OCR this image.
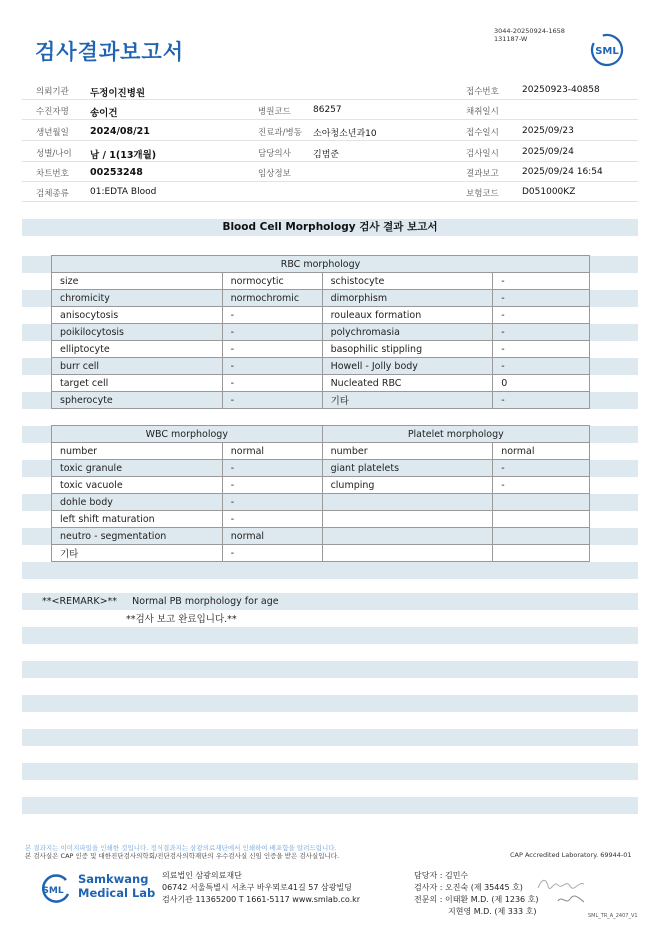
검사결과보고서
3044-20250924-1658
131187-W
SML
의뢰기관 두정이진병원	접수번호	20250923-40858
수진자명 송이건	병원코드 86257	채취일시
생년월일 2024/08/21	진료과/병동 소아청소년과10	접수일시	2025/09/23
성별/나이 남 / 1(13개월)	담당의사 김범준	검사일시	2025/09/24
차트번호 00253248	임상정보	결과보고	2025/09/24 16:54
검체종류 01:EDTA Blood	보험코드	D051000KZ
Blood Cell Morphology 검사 결과 보고서
RBC morphology			
size	normocytic	schistocyte	-
chromicity	normochromic	dimorphism	-
anisocytosis	-	rouleaux formation	-
poikilocytosis	-	polychromasia	-
elliptocyte	-	basophilic stippling	-
burr cell	-	Howell - Jolly body	-
target cell	-	Nucleated RBC	0
spherocyte	-	기타	-
WBC morphology		Platelet morphology	
number	normal	number	normal
toxic granule	-	giant platelets	-
toxic vacuole	-	clumping	-
dohle body	-		
left shift maturation	-		
neutro - segmentation	normal		
기타	-		
**<REMARK>** Normal PB morphology for age
**검사 보고 완료입니다.**
본 결과지는 이미지파일을 인쇄한 것입니다. 정식결과지는 삼광의료재단에서 인쇄하여 배포함을 알려드립니다.
본 검사실은 CAP 인증 및 대한진단검사의학회/진단검사의학재단의 우수검사실 신임 인증을 받은 검사실입니다.	CAP Accredited Laboratory. 69944-01
SML
Samkwang
Medical Lab
의료법인 삼광의료재단
06742 서울특별시 서초구 바우뫼로41길 57 삼광빌딩
검사기관 11365200 T 1661-5117 www.smlab.co.kr
담당자 : 김민수
검사자 : 오진숙 (제 35445 호)
전문의 : 이태환 M.D. (제 1236 호)
지현영 M.D. (제 333 호)	SML_TR_A_2407_V1
